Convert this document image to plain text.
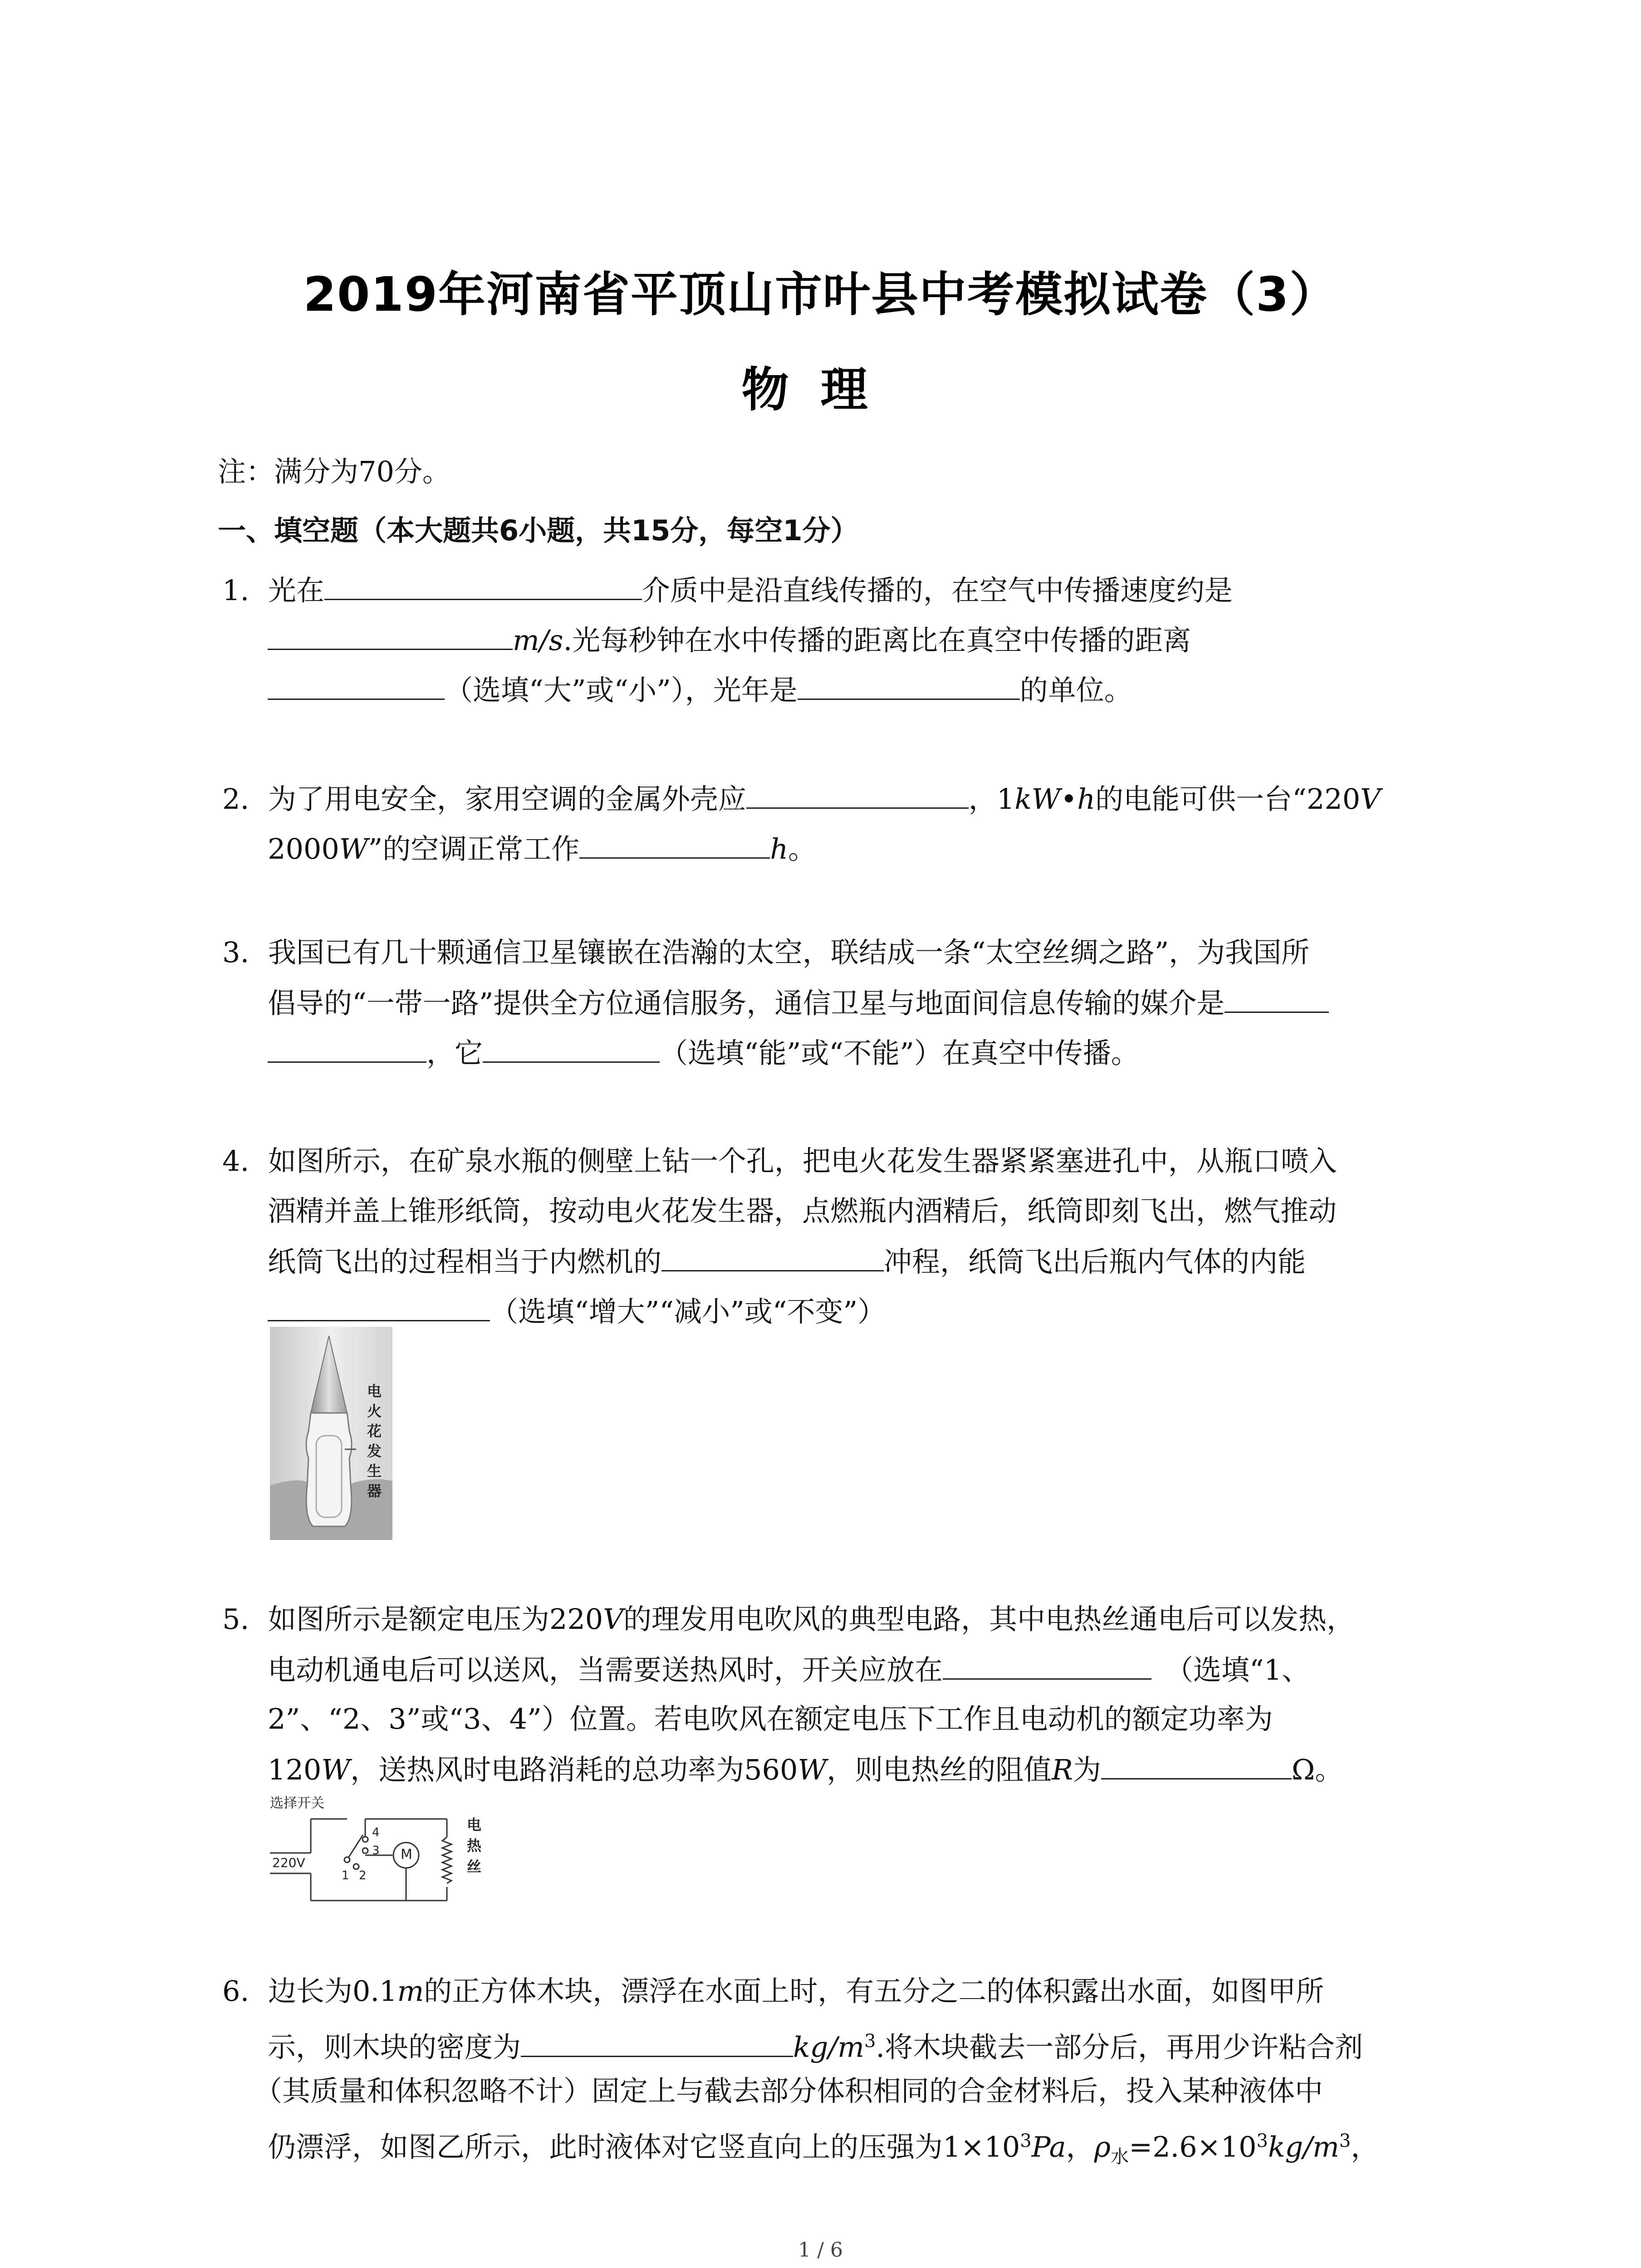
2019年河南省平顶山市叶县中考模拟试卷（3）
物理
注：满分为70分。
一、填空题（本大题共6小题，共15分，每空1分）
1. 光在	介质中是沿直线传播的，在空气中传播速度约是
m/s.光每秒钟在水中传播的距离比在真空中传播的距离
（选填“大”或“小”），光年是	的单位。
2. 为了用电安全，家用空调的金属外壳应	，1kW•h的电能可供一台“220V
2000W”的空调正常工作	h。
3. 我国已有几十颗通信卫星镶嵌在浩瀚的太空，联结成一条“太空丝绸之路”，为我国所
倡导的“一带一路”提供全方位通信服务，通信卫星与地面间信息传输的媒介是
，它	（选填“能”或“不能”）在真空中传播。
4. 如图所示，在矿泉水瓶的侧壁上钻一个孔，把电火花发生器紧紧塞进孔中，从瓶口喷入
酒精并盖上锥形纸筒，按动电火花发生器，点燃瓶内酒精后，纸筒即刻飞出，燃气推动
纸筒飞出的过程相当于内燃机的	冲程，纸筒飞出后瓶内气体的内能
（选填“增大”“减小”或“不变”）
电
火
花
发
生
器
5. 如图所示是额定电压为220V的理发用电吹风的典型电路，其中电热丝通电后可以发热，
电动机通电后可以送风，当需要送热风时，开关应放在	（选填“1、
2”、“2、3”或“3、4”）位置。若电吹风在额定电压下工作且电动机的额定功率为
120W，送热风时电路消耗的总功率为560W，则电热丝的阻值R为	Ω。
选择开关
220V
M
4
3
2
1
电
热
丝
6. 边长为0.1m的正方体木块，漂浮在水面上时，有五分之二的体积露出水面，如图甲所
示，则木块的密度为	$kg/m^3$.将木块截去一部分后，再用少许粘合剂
（其质量和体积忽略不计）固定上与截去部分体积相同的合金材料后，投入某种液体中
仍漂浮，如图乙所示，此时液体对它竖直向上的压强为$1\times 10^3Pa$，$\rho_水=2.6\times 10^3kg/m^3$，
1 / 6
